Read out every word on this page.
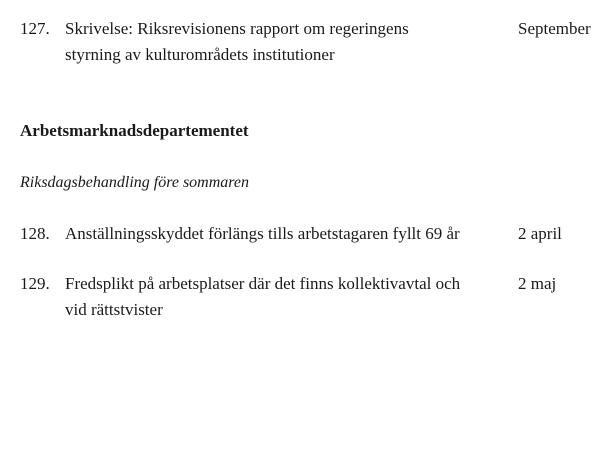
127. Skrivelse: Riksrevisionens rapport om regeringens
styrning av kulturområdets institutioner
September
Arbetsmarknadsdepartementet
Riksdagsbehandling före sommaren
128. Anställningsskyddet förlängs tills arbetstagaren fyllt 69 år	2 april
129. Fredsplikt på arbetsplatser där det finns kollektivavtal och
vid rättstvister
2 maj
